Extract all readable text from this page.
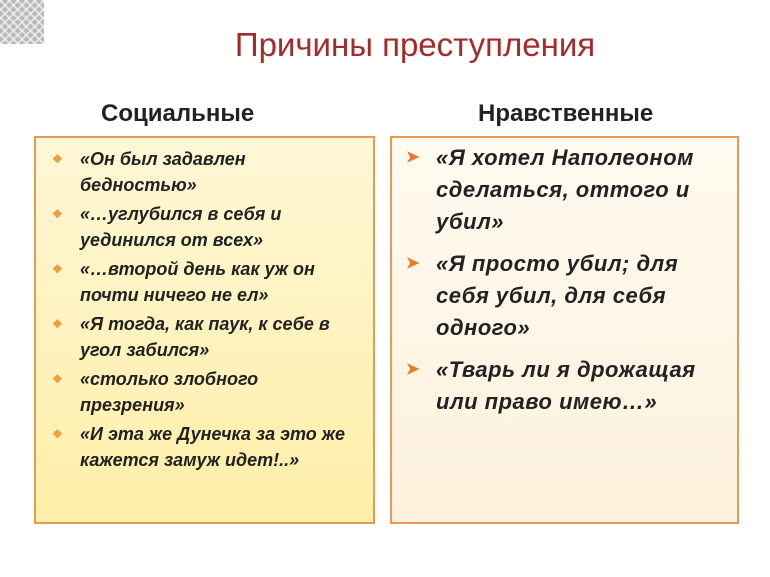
Причины преступления
Социальные	Нравственные
❖ «Он был задавлен бедностью»
❖ «…углубился в себя и уединился от всех»
❖ «…второй день как уж он почти ничего не ел»
❖ «Я тогда, как паук, к себе в угол забился»
❖ «столько злобного презрения»
❖ «И эта же Дунечка за это же кажется замуж идет!..»
➤ «Я хотел Наполеоном сделаться, оттого и убил»
➤ «Я просто убил; для себя убил, для себя одного»
➤ «Тварь ли я дрожащая или право имею…»
